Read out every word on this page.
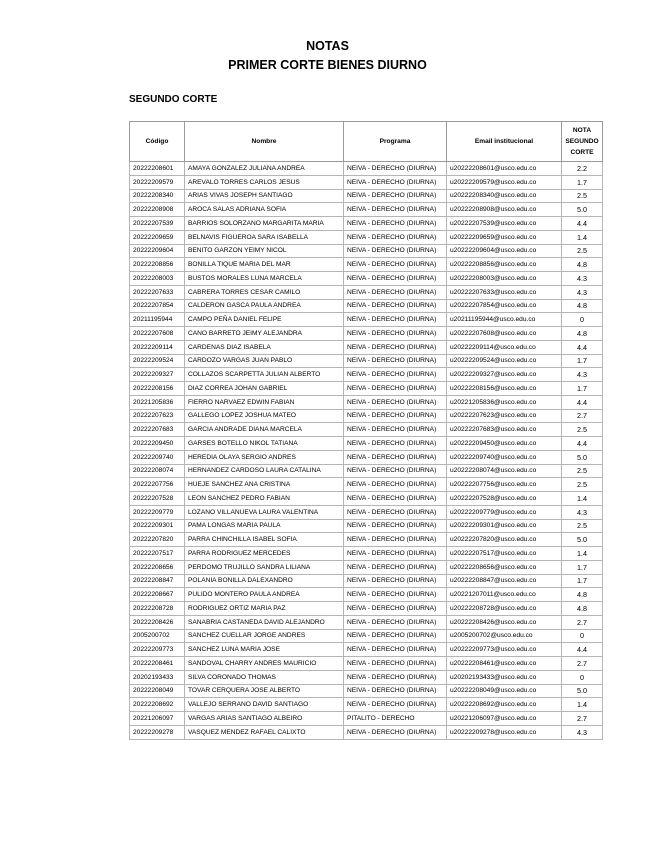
NOTAS
PRIMER CORTE BIENES DIURNO
SEGUNDO CORTE
Código	Nombre	Programa	Email institucional	NOTA SEGUNDO CORTE
20222208601	AMAYA GONZALEZ JULIANA ANDREA	NEIVA - DERECHO (DIURNA)	u20222208601@usco.edu.co	2.2
20222209579	AREVALO TORRES CARLOS JESUS	NEIVA - DERECHO (DIURNA)	u20222209579@usco.edu.co	1.7
20222208340	ARIAS VIVAS JOSEPH SANTIAGO	NEIVA - DERECHO (DIURNA)	u20222208340@usco.edu.co	2.5
20222208908	AROCA SALAS ADRIANA SOFIA	NEIVA - DERECHO (DIURNA)	u20222208908@usco.edu.co	5.0
20222207539	BARRIOS SOLORZANO MARGARITA MARIA	NEIVA - DERECHO (DIURNA)	u20222207539@usco.edu.co	4.4
20222209659	BELNAVIS FIGUEROA SARA ISABELLA	NEIVA - DERECHO (DIURNA)	u20222209659@usco.edu.co	1.4
20222209604	BENITO GARZON YEIMY NICOL	NEIVA - DERECHO (DIURNA)	u20222209604@usco.edu.co	2.5
20222208856	BONILLA TIQUE MARIA DEL MAR	NEIVA - DERECHO (DIURNA)	u20222208856@usco.edu.co	4.8
20222208003	BUSTOS MORALES LUNA MARCELA	NEIVA - DERECHO (DIURNA)	u20222208003@usco.edu.co	4.3
20222207633	CABRERA TORRES CESAR CAMILO	NEIVA - DERECHO (DIURNA)	u20222207633@usco.edu.co	4.3
20222207854	CALDERON GASCA PAULA ANDREA	NEIVA - DERECHO (DIURNA)	u20222207854@usco.edu.co	4.8
20211195944	CAMPO PEÑA DANIEL FELIPE	NEIVA - DERECHO (DIURNA)	u20211195944@usco.edu.co	0
20222207608	CANO BARRETO JEIMY ALEJANDRA	NEIVA - DERECHO (DIURNA)	u20222207608@usco.edu.co	4.8
20222209114	CARDENAS DIAZ ISABELA	NEIVA - DERECHO (DIURNA)	u20222209114@usco.edu.co	4.4
20222209524	CARDOZO VARGAS JUAN PABLO	NEIVA - DERECHO (DIURNA)	u20222209524@usco.edu.co	1.7
20222209327	COLLAZOS SCARPETTA JULIAN ALBERTO	NEIVA - DERECHO (DIURNA)	u20222209327@usco.edu.co	4.3
20222208156	DIAZ CORREA JOHAN GABRIEL	NEIVA - DERECHO (DIURNA)	u20222208156@usco.edu.co	1.7
20221205836	FIERRO NARVAEZ EDWIN FABIAN	NEIVA - DERECHO (DIURNA)	u20221205836@usco.edu.co	4.4
20222207623	GALLEGO LOPEZ JOSHUA MATEO	NEIVA - DERECHO (DIURNA)	u20222207623@usco.edu.co	2.7
20222207683	GARCIA ANDRADE DIANA MARCELA	NEIVA - DERECHO (DIURNA)	u20222207683@usco.edu.co	2.5
20222209450	GARSES BOTELLO NIKOL TATIANA	NEIVA - DERECHO (DIURNA)	u20222209450@usco.edu.co	4.4
20222209740	HEREDIA OLAYA SERGIO ANDRES	NEIVA - DERECHO (DIURNA)	u20222209740@usco.edu.co	5.0
20222208074	HERNANDEZ CARDOSO LAURA CATALINA	NEIVA - DERECHO (DIURNA)	u20222208074@usco.edu.co	2.5
20222207756	HUEJE SANCHEZ ANA CRISTINA	NEIVA - DERECHO (DIURNA)	u20222207756@usco.edu.co	2.5
20222207528	LEON SANCHEZ PEDRO FABIAN	NEIVA - DERECHO (DIURNA)	u20222207528@usco.edu.co	1.4
20222209779	LOZANO VILLANUEVA LAURA VALENTINA	NEIVA - DERECHO (DIURNA)	u20222209779@usco.edu.co	4.3
20222209301	PAMA LONGAS MARIA PAULA	NEIVA - DERECHO (DIURNA)	u20222209301@usco.edu.co	2.5
20222207820	PARRA CHINCHILLA ISABEL SOFIA	NEIVA - DERECHO (DIURNA)	u20222207820@usco.edu.co	5.0
20222207517	PARRA RODRIGUEZ MERCEDES	NEIVA - DERECHO (DIURNA)	u20222207517@usco.edu.co	1.4
20222208656	PERDOMO TRUJILLO SANDRA LILIANA	NEIVA - DERECHO (DIURNA)	u20222208656@usco.edu.co	1.7
20222208847	POLANIA BONILLA DALEXANDRO	NEIVA - DERECHO (DIURNA)	u20222208847@usco.edu.co	1.7
20222208667	PULIDO MONTERO PAULA ANDREA	NEIVA - DERECHO (DIURNA)	u20221207011@usco.edu.co	4.8
20222208728	RODRIGUEZ ORTIZ MARIA PAZ	NEIVA - DERECHO (DIURNA)	u20222208728@usco.edu.co	4.8
20222208426	SANABRIA CASTANEDA DAVID ALEJANDRO	NEIVA - DERECHO (DIURNA)	u20222208426@usco.edu.co	2.7
2005200702	SANCHEZ CUELLAR JORGE ANDRES	NEIVA - DERECHO (DIURNA)	u2005200702@usco.edu.co	0
20222209773	SANCHEZ LUNA MARIA JOSE	NEIVA - DERECHO (DIURNA)	u20222209773@usco.edu.co	4.4
20222208461	SANDOVAL CHARRY ANDRES MAURICIO	NEIVA - DERECHO (DIURNA)	u20222208461@usco.edu.co	2.7
20202193433	SILVA CORONADO THOMAS	NEIVA - DERECHO (DIURNA)	u20202193433@usco.edu.co	0
20222208049	TOVAR CERQUERA JOSE ALBERTO	NEIVA - DERECHO (DIURNA)	u20222208049@usco.edu.co	5.0
20222208692	VALLEJO SERRANO DAVID SANTIAGO	NEIVA - DERECHO (DIURNA)	u20222208692@usco.edu.co	1.4
20221206097	VARGAS ARIAS SANTIAGO ALBEIRO	PITALITO - DERECHO	u20221206097@usco.edu.co	2.7
20222209278	VASQUEZ MENDEZ RAFAEL CALIXTO	NEIVA - DERECHO (DIURNA)	u20222209278@usco.edu.co	4.3
